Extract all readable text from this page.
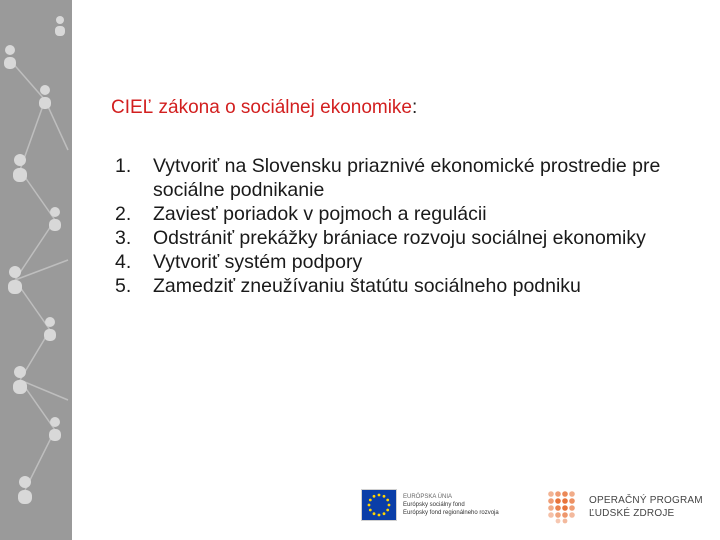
CIEĽ zákona o sociálnej ekonomike:
1. Vytvoriť na Slovensku priaznivé ekonomické prostredie pre sociálne podnikanie
2. Zaviesť poriadok v pojmoch a regulácii
3. Odstrániť prekážky brániace rozvoju sociálnej ekonomiky
4. Vytvoriť systém podpory
5. Zamedziť zneužívaniu štatútu sociálneho podniku
EURÓPSKA ÚNIA
Európsky sociálny fond
Európsky fond regionálneho rozvoja
OPERAČNÝ PROGRAM
ĽUDSKÉ ZDROJE
